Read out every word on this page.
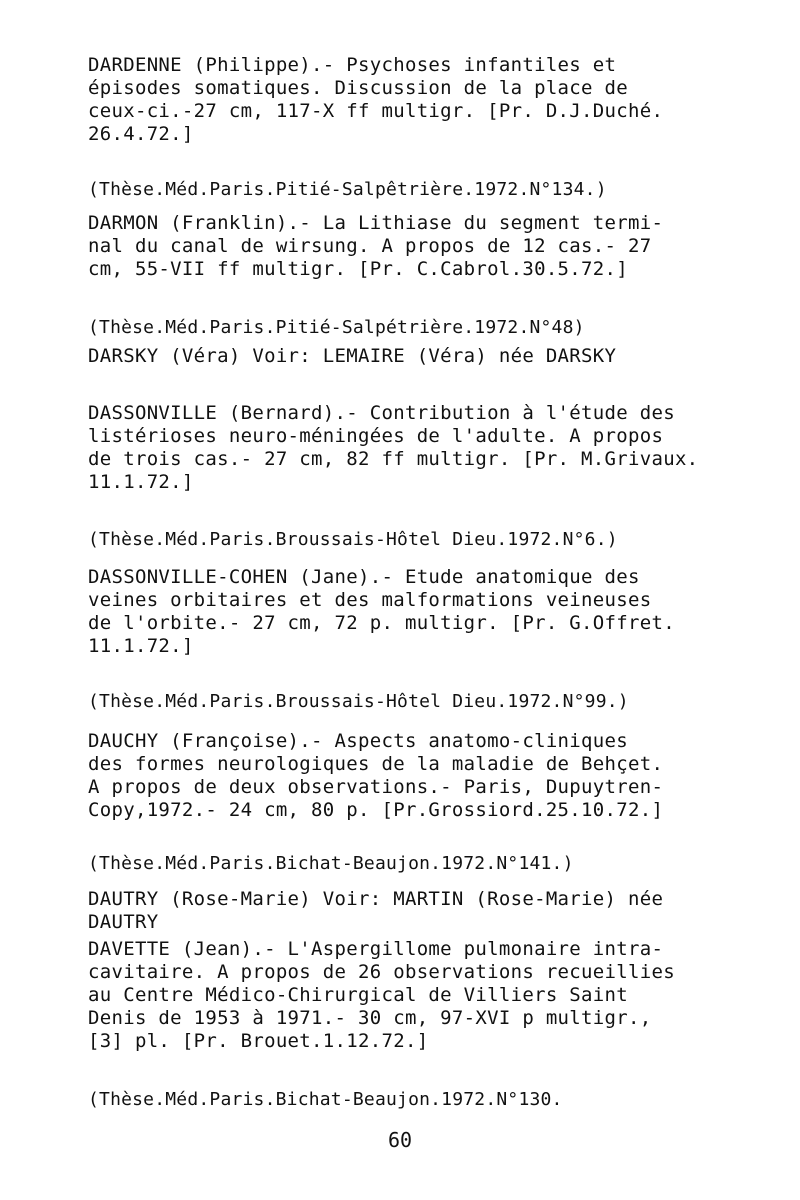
DARDENNE (Philippe).- Psychoses infantiles et
épisodes somatiques. Discussion de la place de
ceux-ci.-27 cm, 117-X ff multigr. [Pr. D.J.Duché.
26.4.72.]
(Thèse.Méd.Paris.Pitié-Salpêtrière.1972.N°134.)
DARMON (Franklin).- La Lithiase du segment termi-
nal du canal de wirsung. A propos de 12 cas.- 27
cm, 55-VII ff multigr. [Pr. C.Cabrol.30.5.72.]
(Thèse.Méd.Paris.Pitié-Salpétrière.1972.N°48)
DARSKY (Véra) Voir: LEMAIRE (Véra) née DARSKY
DASSONVILLE (Bernard).- Contribution à l'étude des
listérioses neuro-méningées de l'adulte. A propos
de trois cas.- 27 cm, 82 ff multigr. [Pr. M.Grivaux.
11.1.72.]
(Thèse.Méd.Paris.Broussais-Hôtel Dieu.1972.N°6.)
DASSONVILLE-COHEN (Jane).- Etude anatomique des
veines orbitaires et des malformations veineuses
de l'orbite.- 27 cm, 72 p. multigr. [Pr. G.Offret.
11.1.72.]
(Thèse.Méd.Paris.Broussais-Hôtel Dieu.1972.N°99.)
DAUCHY (Françoise).- Aspects anatomo-cliniques
des formes neurologiques de la maladie de Behçet.
A propos de deux observations.- Paris, Dupuytren-
Copy,1972.- 24 cm, 80 p. [Pr.Grossiord.25.10.72.]
(Thèse.Méd.Paris.Bichat-Beaujon.1972.N°141.)
DAUTRY (Rose-Marie) Voir: MARTIN (Rose-Marie) née
DAUTRY
DAVETTE (Jean).- L'Aspergillome pulmonaire intra-
cavitaire. A propos de 26 observations recueillies
au Centre Médico-Chirurgical de Villiers Saint
Denis de 1953 à 1971.- 30 cm, 97-XVI p multigr.,
[3] pl. [Pr. Brouet.1.12.72.]
(Thèse.Méd.Paris.Bichat-Beaujon.1972.N°130.
60
